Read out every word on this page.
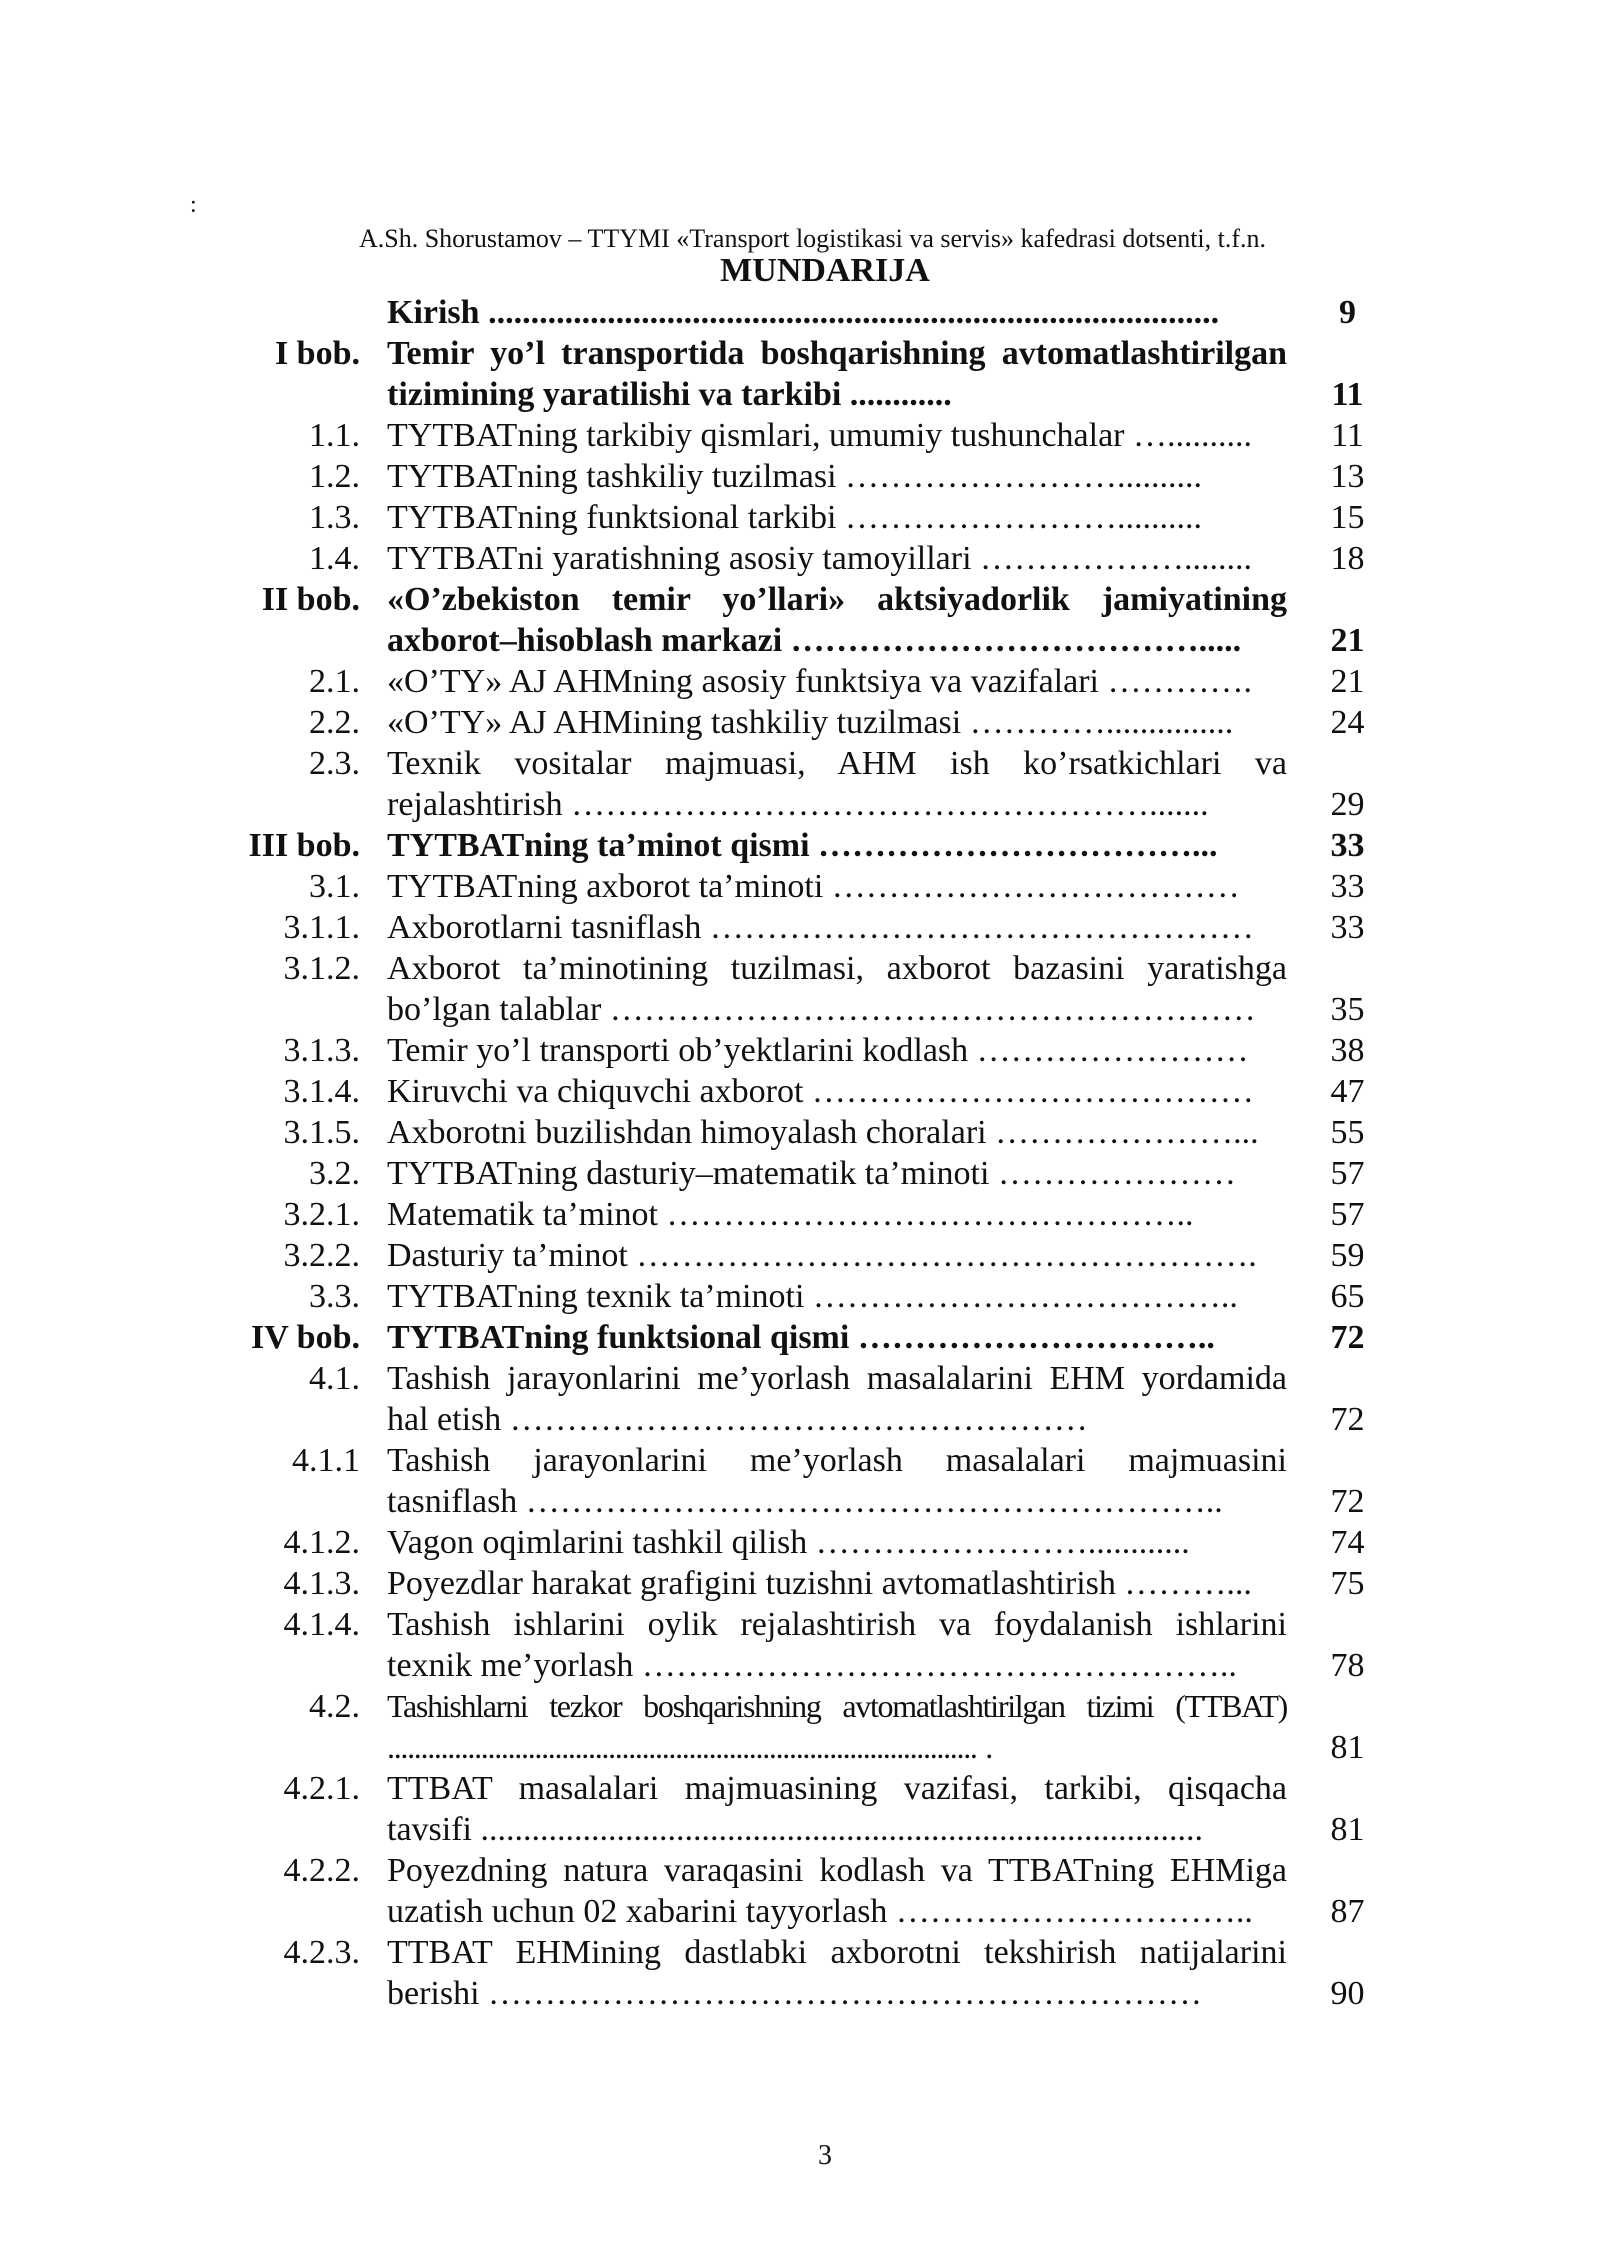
:
A.Sh. Shorustamov – TTYMI «Transport logistikasi va servis» kafedrasi dotsenti, t.f.n.
MUNDARIJA
Kirish ......................................................................................	9
I bob. Temir yo’l transportida boshqarishning avtomatlashtirilgan tizimining yaratilishi va tarkibi ............	11
1.1. TYTBATning tarkibiy qismlari, umumiy tushunchalar …..........	11
1.2. TYTBATning tashkiliy tuzilmasi ……………………..........	13
1.3. TYTBATning funktsional tarkibi ……………………..........	15
1.4. TYTBATni yaratishning asosiy tamoyillari ………………........	18
II bob. «O’zbekiston temir yo’llari» aktsiyadorlik jamiyatining axborot–hisoblash markazi ……………………………….....	21
2.1. «O’TY» AJ AHMning asosiy funktsiya va vazifalari ………….	21
2.2. «O’TY» AJ AHMining tashkiliy tuzilmasi …………...............	24
2.3. Texnik vositalar majmuasi, AHM ish ko’rsatkichlari va rejalashtirish …………………………………………….......	29
III bob. TYTBATning ta’minot qismi ……………………………...	33
3.1. TYTBATning axborot ta’minoti ………………………………	33
3.1.1. Axborotlarni tasniflash …………………………………………	33
3.1.2. Axborot ta’minotining tuzilmasi, axborot bazasini yaratishga bo’lgan talablar …………………………………………………	35
3.1.3. Temir yo’l transporti ob’yektlarini kodlash ……………………	38
3.1.4. Kiruvchi va chiquvchi axborot …………………………………	47
3.1.5. Axborotni buzilishdan himoyalash choralari …………………...	55
3.2. TYTBATning dasturiy–matematik ta’minoti …………………	57
3.2.1. Matematik ta’minot ………………………………………..	57
3.2.2. Dasturiy ta’minot ……………………………………………….	59
3.3. TYTBATning texnik ta’minoti ………………………………..	65
IV bob. TYTBATning funktsional qismi …………………………..	72
4.1. Tashish jarayonlarini me’yorlash masalalarini EHM yordamida hal etish ……………………………………………	72
4.1.1 Tashish jarayonlarini me’yorlash masalalari majmuasini tasniflash ……………………………………………………..	72
4.1.2. Vagon oqimlarini tashkil qilish ……………………............	74
4.1.3. Poyezdlar harakat grafigini tuzishni avtomatlashtirish ………...	75
4.1.4. Tashish ishlarini oylik rejalashtirish va foydalanish ishlarini texnik me’yorlash ……………………………………………..	78
4.2. Tashishlarni tezkor boshqarishning avtomatlashtirilgan tizimi (TTBAT) ........................................................................................ .	81
4.2.1. TTBAT masalalari majmuasining vazifasi, tarkibi, qisqacha tavsifi .....................................................................................	81
4.2.2. Poyezdning natura varaqasini kodlash va TTBATning EHMiga uzatish uchun 02 xabarini tayyorlash …………………………..	87
4.2.3. TTBAT EHMining dastlabki axborotni tekshirish natijalarini berishi ………………………………………………………	90
3
